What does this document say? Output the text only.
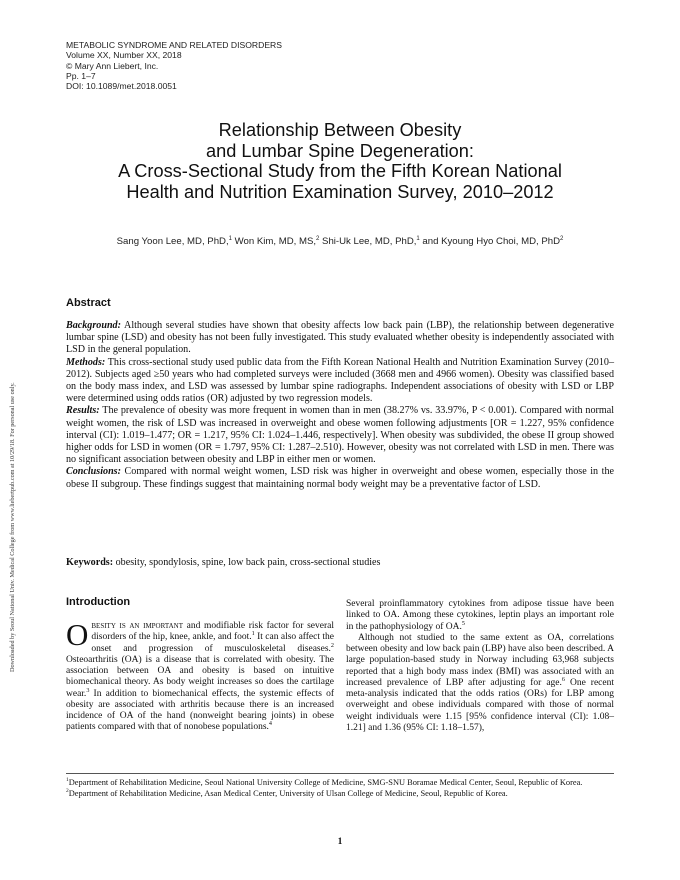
METABOLIC SYNDROME AND RELATED DISORDERS
Volume XX, Number XX, 2018
© Mary Ann Liebert, Inc.
Pp. 1–7
DOI: 10.1089/met.2018.0051
Downloaded by Seoul National Univ. Medical College from www.liebertpub.com at 10/29/18. For personal use only.
Relationship Between Obesity
and Lumbar Spine Degeneration:
A Cross-Sectional Study from the Fifth Korean National
Health and Nutrition Examination Survey, 2010–2012
Sang Yoon Lee, MD, PhD,$^1$ Won Kim, MD, MS,$^2$ Shi-Uk Lee, MD, PhD,$^1$ and Kyoung Hyo Choi, MD, PhD$^2$
Abstract

Background: Although several studies have shown that obesity affects low back pain (LBP), the relationship between degenerative lumbar spine (LSD) and obesity has not been fully investigated. This study evaluated whether obesity is independently associated with LSD in the general population.

Methods: This cross-sectional study used public data from the Fifth Korean National Health and Nutrition Examination Survey (2010–2012). Subjects aged ≥50 years who had completed surveys were included (3668 men and 4966 women). Obesity was classified based on the body mass index, and LSD was assessed by lumbar spine radiographs. Independent associations of obesity with LSD or LBP were determined using odds ratios (OR) adjusted by two regression models.

Results: The prevalence of obesity was more frequent in women than in men (38.27% vs. 33.97%, P < 0.001). Compared with normal weight women, the risk of LSD was increased in overweight and obese women following adjustments [OR = 1.227, 95% confidence interval (CI): 1.019–1.477; OR = 1.217, 95% CI: 1.024–1.446, respectively]. When obesity was subdivided, the obese II group showed higher odds for LSD in women (OR = 1.797, 95% CI: 1.287–2.510). However, obesity was not correlated with LSD in men. There was no significant association between obesity and LBP in either men or women.

Conclusions: Compared with normal weight women, LSD risk was higher in overweight and obese women, especially those in the obese II subgroup. These findings suggest that maintaining normal body weight may be a preventative factor of LSD.

Keywords: obesity, spondylosis, spine, low back pain, cross-sectional studies
Introduction

Obesity is an important and modifiable risk factor for several disorders of the hip, knee, ankle, and foot.$^1$ It can also affect the onset and progression of musculoskeletal diseases.$^2$ Osteoarthritis (OA) is a disease that is correlated with obesity. The association between OA and obesity is based on intuitive biomechanical theory. As body weight increases so does the cartilage wear.$^3$ In addition to biomechanical effects, the systemic effects of obesity are associated with arthritis because there is an increased incidence of OA of the hand (nonweight bearing joints) in obese patients compared with that of nonobese populations.$^4$

Several proinflammatory cytokines from adipose tissue have been linked to OA. Among these cytokines, leptin plays an important role in the pathophysiology of OA.$^5$

Although not studied to the same extent as OA, correlations between obesity and low back pain (LBP) have also been described. A large population-based study in Norway including 63,968 subjects reported that a high body mass index (BMI) was associated with an increased prevalence of LBP after adjusting for age.$^6$ One recent meta-analysis indicated that the odds ratios (ORs) for LBP among overweight and obese individuals compared with those of normal weight individuals were 1.15 [95% confidence interval (CI): 1.08–1.21] and 1.36 (95% CI: 1.18–1.57),

$^1$Department of Rehabilitation Medicine, Seoul National University College of Medicine, SMG-SNU Boramae Medical Center, Seoul, Republic of Korea.

$^2$Department of Rehabilitation Medicine, Asan Medical Center, University of Ulsan College of Medicine, Seoul, Republic of Korea.

1
